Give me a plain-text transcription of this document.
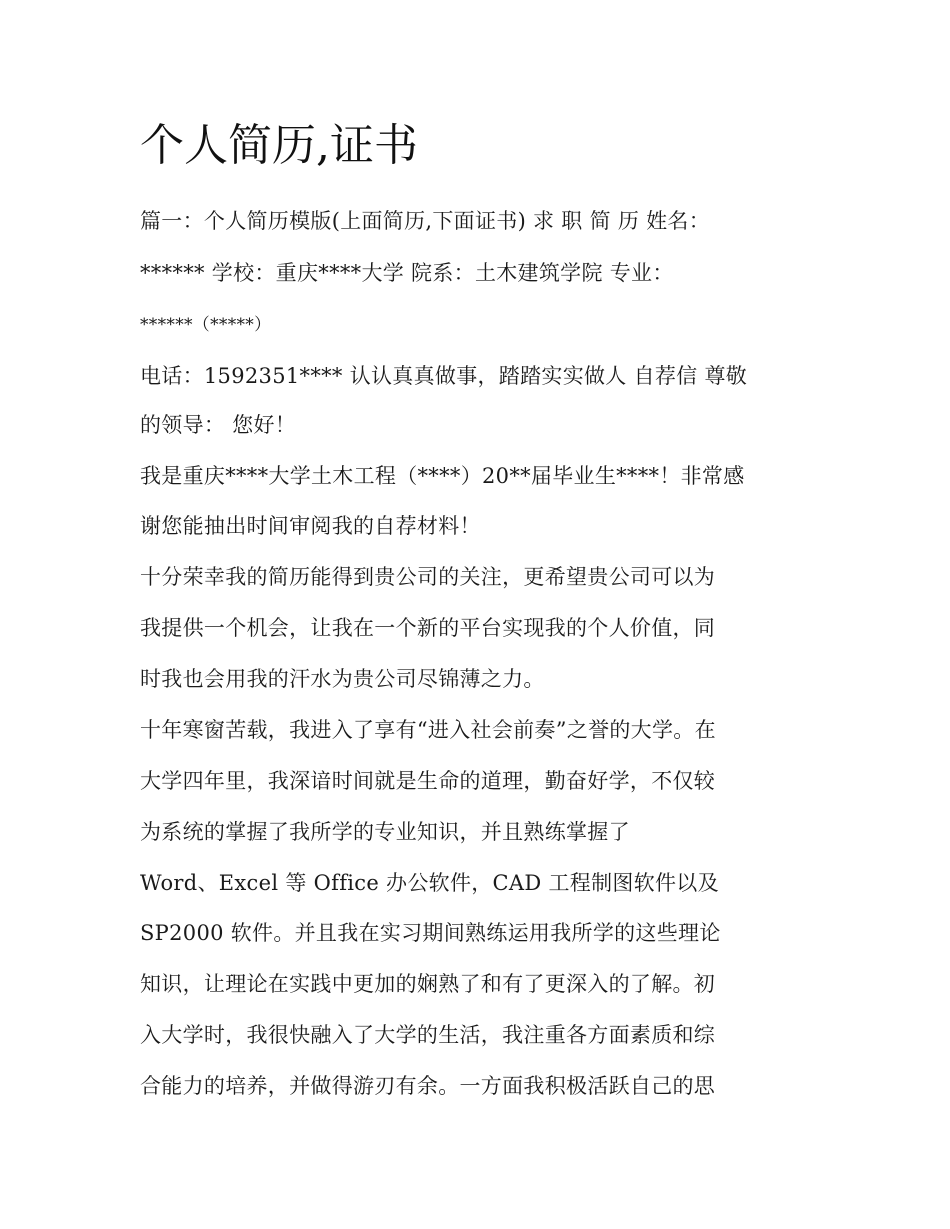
个人简历,证书

篇一：个人简历模版(上面简历,下面证书) 求 职 简 历 姓名：

****** 学校：重庆****大学 院系：土木建筑学院 专业：

******（*****）

电话：1592351**** 认认真真做事，踏踏实实做人 自荐信 尊敬

的领导： 您好！

我是重庆****大学土木工程（****）20**届毕业生****！非常感

谢您能抽出时间审阅我的自荐材料！

十分荣幸我的简历能得到贵公司的关注，更希望贵公司可以为

我提供一个机会，让我在一个新的平台实现我的个人价值，同

时我也会用我的汗水为贵公司尽锦薄之力。

十年寒窗苦载，我进入了享有“进入社会前奏”之誉的大学。在

大学四年里，我深谙时间就是生命的道理，勤奋好学，不仅较

为系统的掌握了我所学的专业知识，并且熟练掌握了

Word、Excel 等 Office 办公软件，CAD 工程制图软件以及

SP2000 软件。并且我在实习期间熟练运用我所学的这些理论

知识，让理论在实践中更加的娴熟了和有了更深入的了解。初

入大学时，我很快融入了大学的生活，我注重各方面素质和综

合能力的培养，并做得游刃有余。一方面我积极活跃自己的思
